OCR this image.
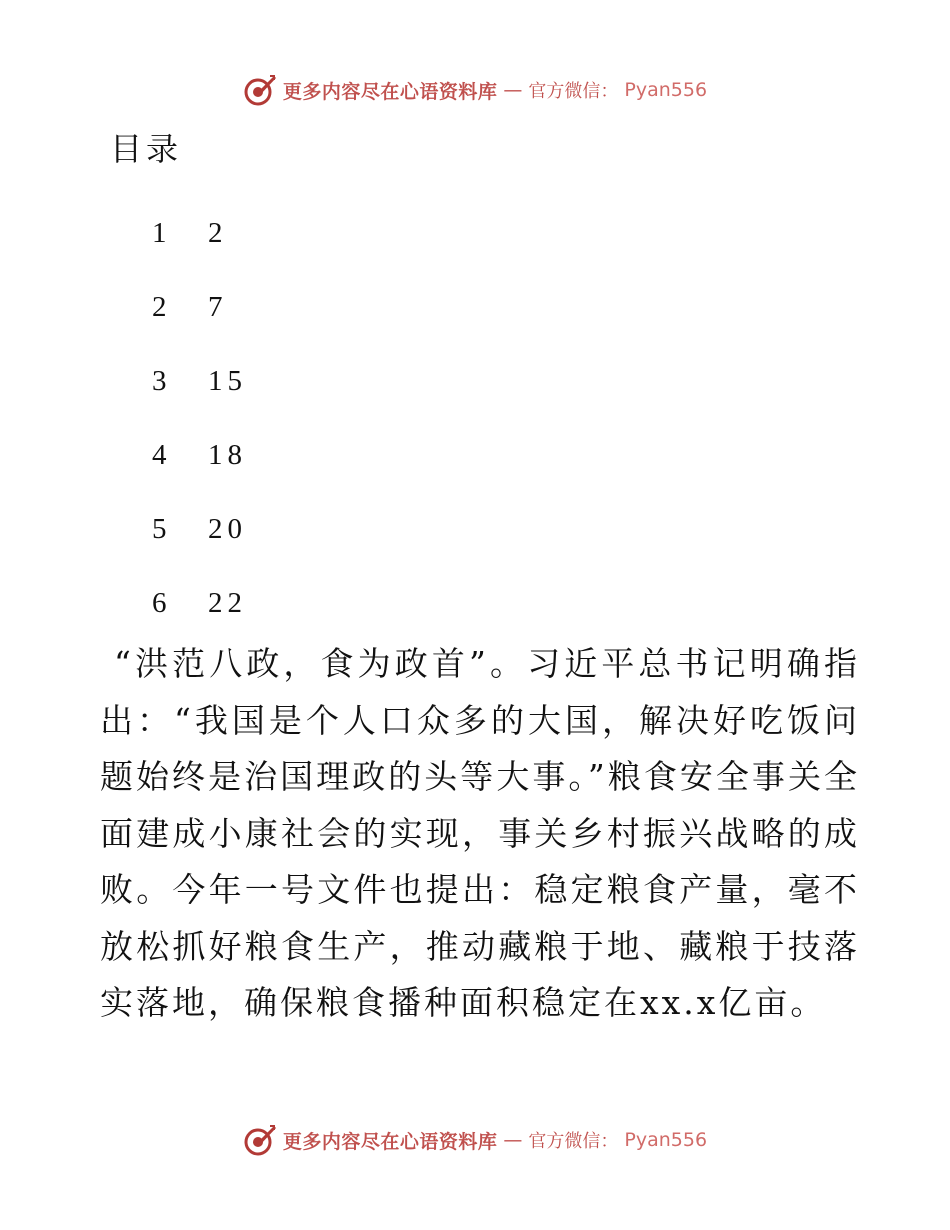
更多内容尽在心语资料库 — 官方微信： Pyan556
目录
1	2
2	7
3	15
4	18
5	20
6	22

“洪范八政，食为政首”。习近平总书记明确指出：“我国是个人口众多的大国，解决好吃饭问题始终是治国理政的头等大事。”粮食安全事关全面建成小康社会的实现，事关乡村振兴战略的成败。今年一号文件也提出：稳定粮食产量，毫不放松抓好粮食生产，推动藏粮于地、藏粮于技落实落地，确保粮食播种面积稳定在xx.x亿亩。

更多内容尽在心语资料库 — 官方微信： Pyan556
